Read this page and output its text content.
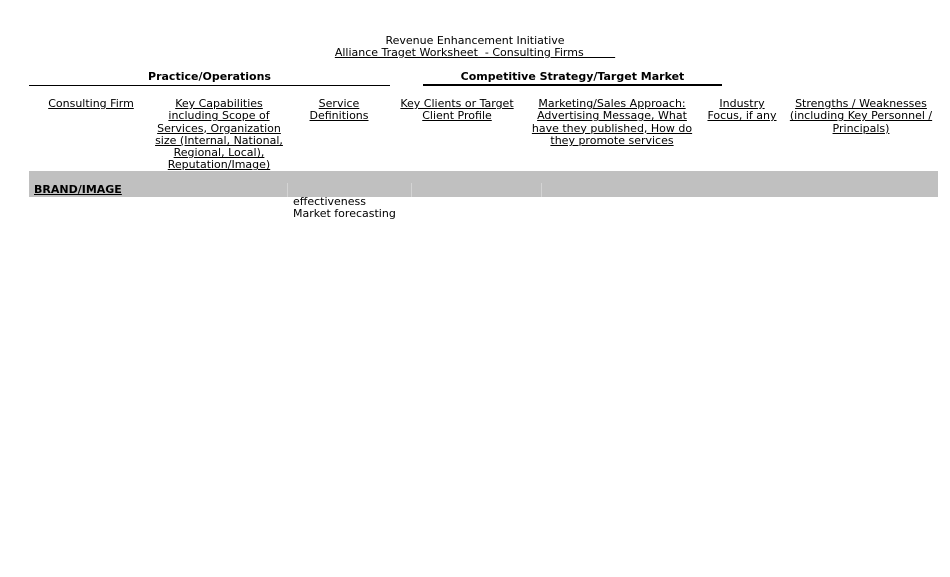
Revenue Enhancement Initiative
Alliance Traget Worksheet  - Consulting Firms
Practice/Operations	Competitive Strategy/Target Market
Consulting Firm	Key Capabilities including Scope of Services, Organization size (Internal, National, Regional, Local), Reputation/Image)
Service Definitions
Key Clients or Target Client Profile
Marketing/Sales Approach: Advertising Message, What have they published, How do they promote services
Industry Focus, if any
Strengths / Weaknesses (including Key Personnel / Principals)
BRAND/IMAGE
effectiveness
Market forecasting
